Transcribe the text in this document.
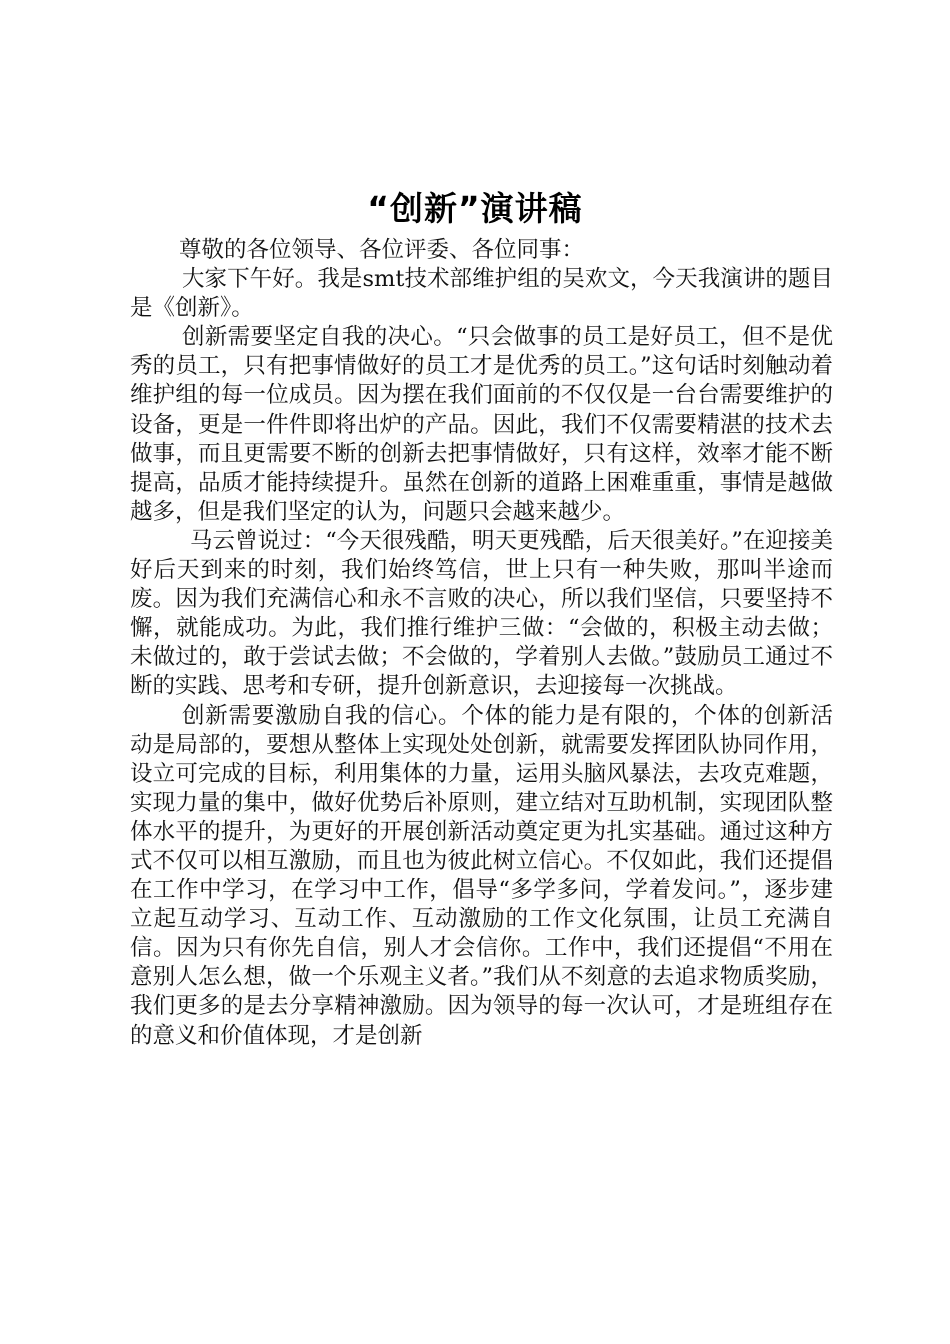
“创新”演讲稿

尊敬的各位领导、各位评委、各位同事：

大家下午好。我是smt技术部维护组的吴欢文，今天我演讲的题目是《创新》。

创新需要坚定自我的决心。“只会做事的员工是好员工，但不是优秀的员工，只有把事情做好的员工才是优秀的员工。”这句话时刻触动着维护组的每一位成员。因为摆在我们面前的不仅仅是一台台需要维护的设备，更是一件件即将出炉的产品。因此，我们不仅需要精湛的技术去做事，而且更需要不断的创新去把事情做好，只有这样，效率才能不断提高，品质才能持续提升。虽然在创新的道路上困难重重，事情是越做越多，但是我们坚定的认为，问题只会越来越少。

马云曾说过：“今天很残酷，明天更残酷，后天很美好。”在迎接美好后天到来的时刻，我们始终笃信，世上只有一种失败，那叫半途而废。因为我们充满信心和永不言败的决心，所以我们坚信，只要坚持不懈，就能成功。为此，我们推行维护三做：“会做的，积极主动去做；未做过的，敢于尝试去做；不会做的，学着别人去做。”鼓励员工通过不断的实践、思考和专研，提升创新意识，去迎接每一次挑战。

创新需要激励自我的信心。个体的能力是有限的，个体的创新活动是局部的，要想从整体上实现处处创新，就需要发挥团队协同作用，设立可完成的目标，利用集体的力量，运用头脑风暴法，去攻克难题，实现力量的集中，做好优势后补原则，建立结对互助机制，实现团队整体水平的提升，为更好的开展创新活动奠定更为扎实基础。通过这种方式不仅可以相互激励，而且也为彼此树立信心。不仅如此，我们还提倡在工作中学习，在学习中工作，倡导“多学多问，学着发问。”，逐步建立起互动学习、互动工作、互动激励的工作文化氛围，让员工充满自信。因为只有你先自信，别人才会信你。工作中，我们还提倡“不用在意别人怎么想，做一个乐观主义者。”我们从不刻意的去追求物质奖励，我们更多的是去分享精神激励。因为领导的每一次认可，才是班组存在的意义和价值体现，才是创新
